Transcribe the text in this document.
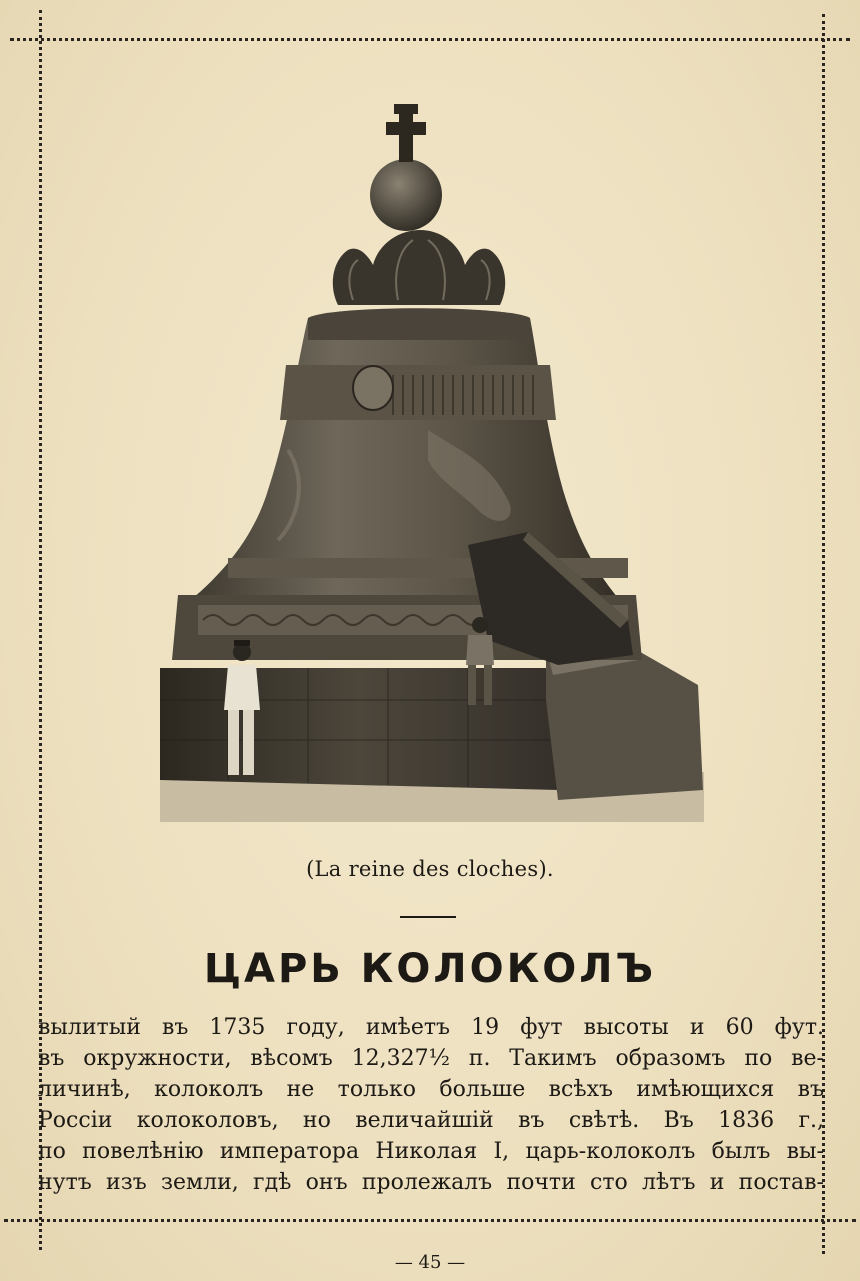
(La reine des cloches).
ЦАРЬ КОЛОКОЛЪ
вылитый въ 1735 году, имѣетъ 19 фут высоты и 60 фут.
въ окружности, вѣсомъ 12,327½ п. Такимъ образомъ по ве-
личинѣ, колоколъ не только больше всѣхъ имѣющихся въ
Россіи колоколовъ, но величайшій въ свѣтѣ. Въ 1836 г.,
по повелѣнію императора Николая I, царь-колоколъ былъ вы-
нутъ изъ земли, гдѣ онъ пролежалъ почти сто лѣтъ и постав-
— 45 —
